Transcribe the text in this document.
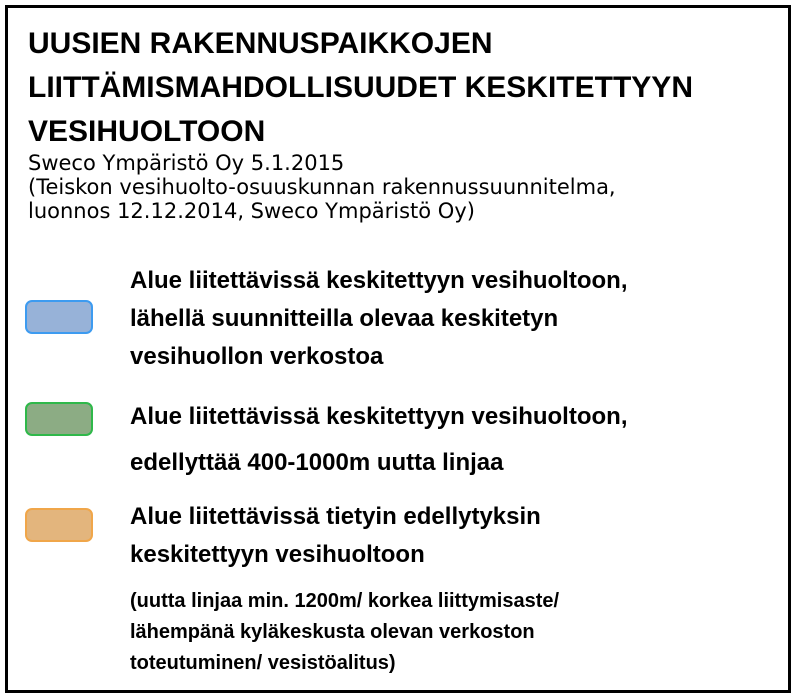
UUSIEN RAKENNUSPAIKKOJEN
LIITTÄMISMAHDOLLISUUDET KESKITETTYYN
VESIHUOLTOON
Sweco Ympäristö Oy 5.1.2015
(Teiskon vesihuolto-osuuskunnan rakennussuunnitelma,
luonnos 12.12.2014, Sweco Ympäristö Oy)
Alue liitettävissä keskitettyyn vesihuoltoon,
lähellä suunnitteilla olevaa keskitetyn
vesihuollon verkostoa
Alue liitettävissä keskitettyyn vesihuoltoon,
edellyttää 400-1000m uutta linjaa
Alue liitettävissä tietyin edellytyksin
keskitettyyn vesihuoltoon
(uutta linjaa min. 1200m/ korkea liittymisaste/
lähempänä kyläkeskusta olevan verkoston
toteutuminen/ vesistöalitus)
